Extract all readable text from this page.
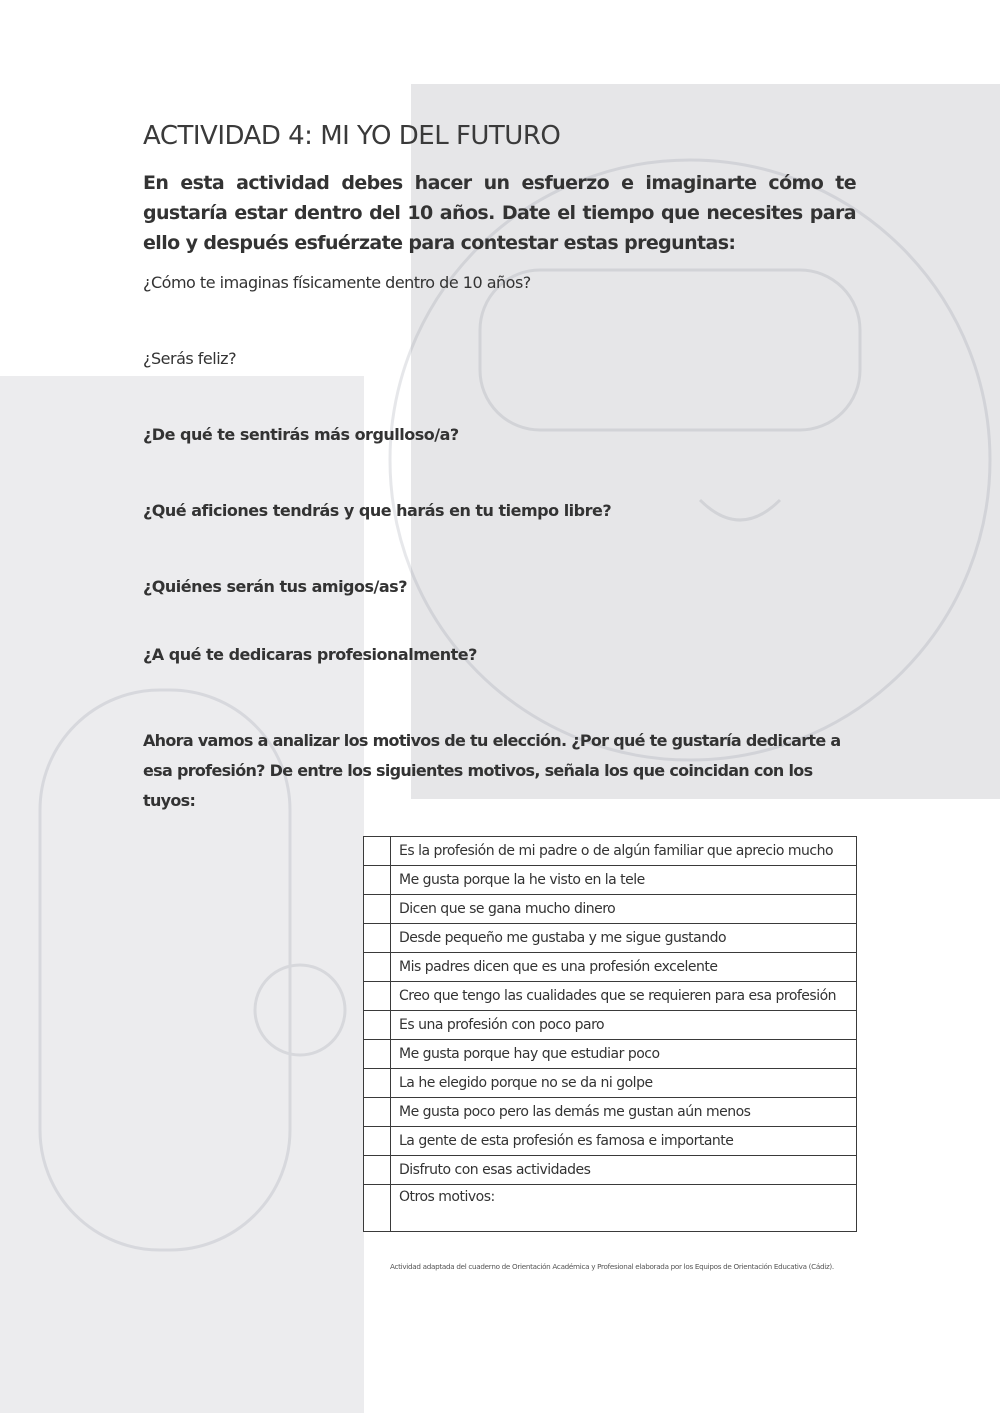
ACTIVIDAD 4: MI YO DEL FUTURO

En esta actividad debes hacer un esfuerzo e imaginarte cómo te gustaría estar dentro del 10 años. Date el tiempo que necesites para ello y después esfuérzate para contestar estas preguntas:

¿Cómo te imaginas físicamente dentro de 10 años?

¿Serás feliz?

¿De qué te sentirás más orgulloso/a?

¿Qué aficiones tendrás y que harás en tu tiempo libre?

¿Quiénes serán tus amigos/as?

¿A qué te dedicaras profesionalmente?

Ahora vamos a analizar los motivos de tu elección. ¿Por qué te gustaría dedicarte a esa profesión? De entre los siguientes motivos, señala los que coincidan con los tuyos:

	Es la profesión de mi padre o de algún familiar que aprecio mucho
	Me gusta porque la he visto en la tele
	Dicen que se gana mucho dinero
	Desde pequeño me gustaba y me sigue gustando
	Mis padres dicen que es una profesión excelente
	Creo que tengo las cualidades que se requieren para esa profesión
	Es una profesión con poco paro
	Me gusta porque hay que estudiar poco
	La he elegido porque no se da ni golpe
	Me gusta poco pero las demás me gustan aún menos
	La gente de esta profesión es famosa e importante
	Disfruto con esas actividades
	Otros motivos:

Actividad adaptada del cuaderno de Orientación Académica y Profesional elaborada por los Equipos de Orientación Educativa (Cádiz).
